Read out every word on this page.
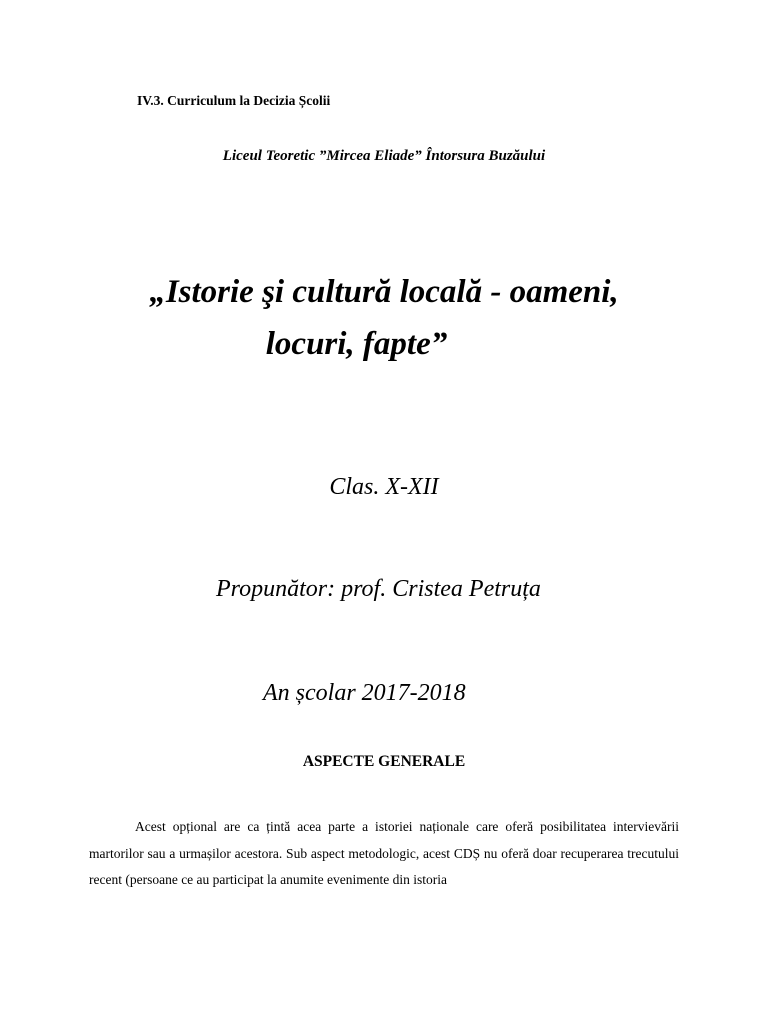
IV.3. Curriculum la Decizia Școlii
Liceul Teoretic ”Mircea Eliade” Întorsura Buzăului
„Istorie şi cultură locală - oameni,
locuri, fapte”
Clas. X-XII
Propunător: prof. Cristea Petruța
An școlar 2017-2018
ASPECTE GENERALE

Acest opțional are ca țintă acea parte a istoriei naționale care oferă posibilitatea intervievării martorilor sau a urmașilor acestora. Sub aspect metodologic, acest CDȘ nu oferă doar recuperarea trecutului recent (persoane ce au participat la anumite evenimente din istoria
